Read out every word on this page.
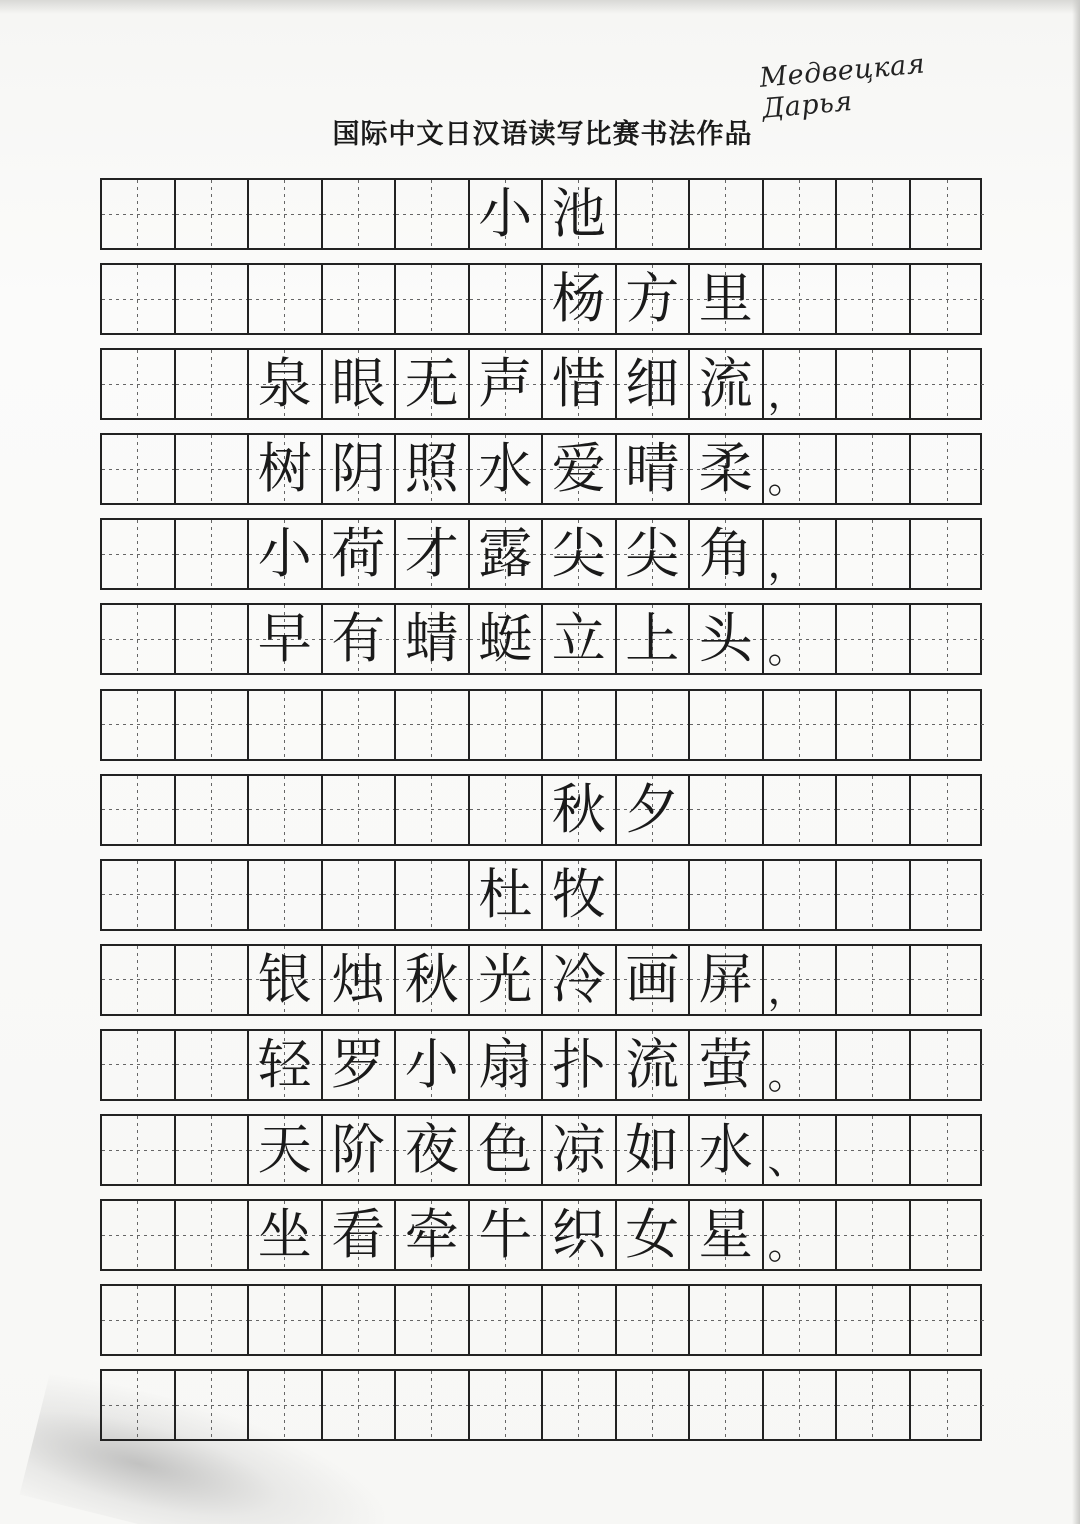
Медвецкая Дарья
国际中文日汉语读写比赛书法作品
小 池
杨 方 里
泉 眼 无 声 惜 细 流 ，
树 阴 照 水 爱 晴 柔 。
小 荷 才 露 尖 尖 角 ，
早 有 蜻 蜓 立 上 头 。
秋 夕
杜 牧
银 烛 秋 光 冷 画 屏 ，
轻 罗 小 扇 扑 流 萤 。
天 阶 夜 色 凉 如 水 、
坐 看 牵 牛 织 女 星 。
